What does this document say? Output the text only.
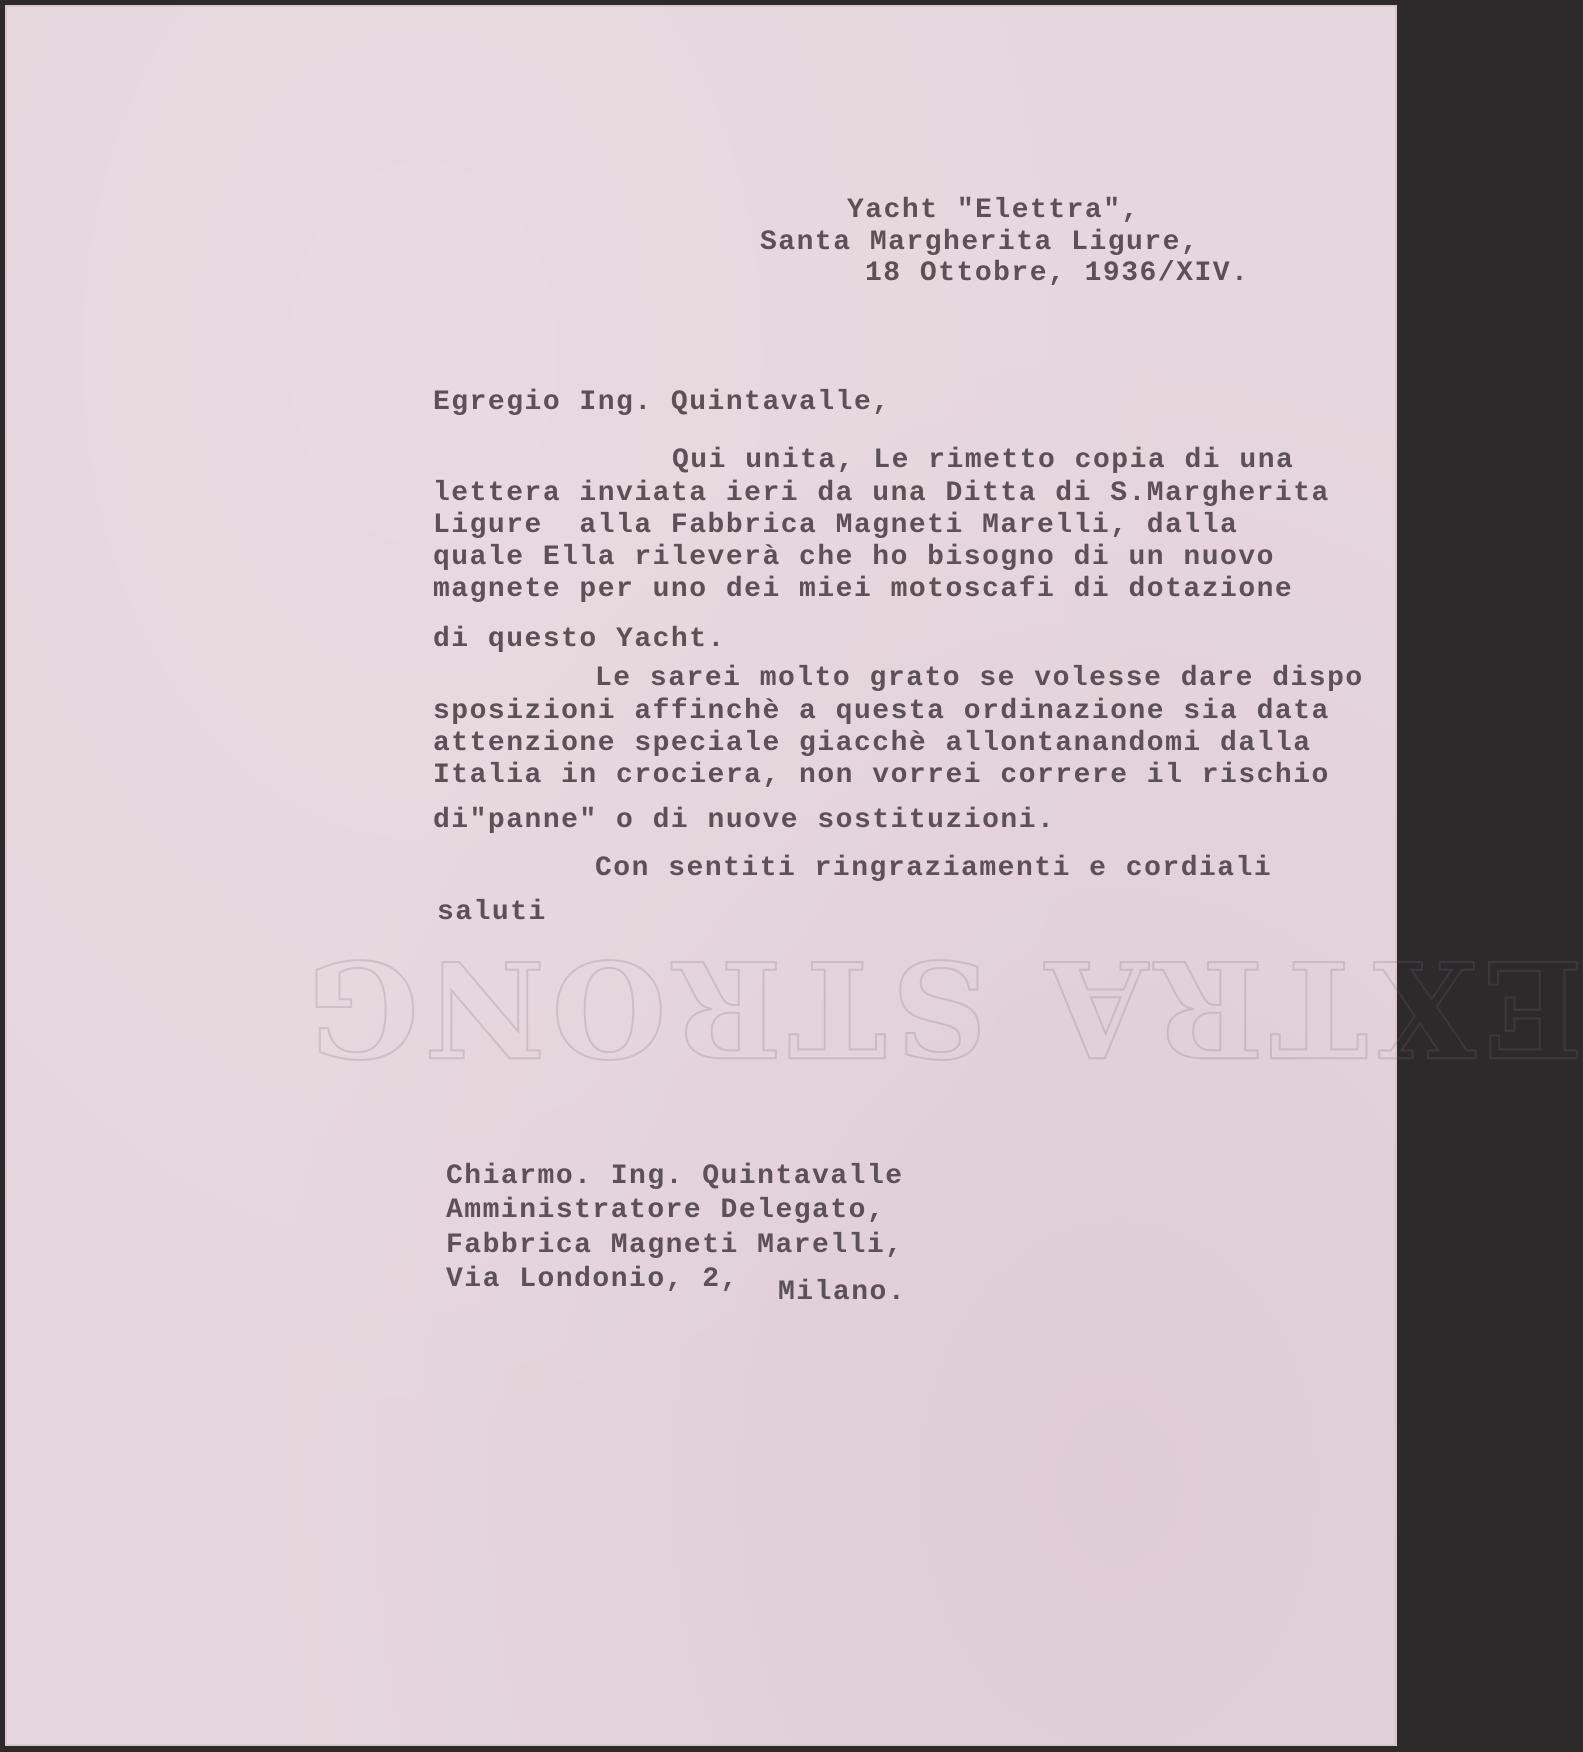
Yacht "Elettra",
Santa Margherita Ligure,
18 Ottobre, 1936/XIV.
Egregio Ing. Quintavalle,
Qui unita, Le rimetto copia di una
lettera inviata ieri da una Ditta di S.Margherita
Ligure  alla Fabbrica Magneti Marelli, dalla
quale Ella rileverà che ho bisogno di un nuovo
magnete per uno dei miei motoscafi di dotazione
di questo Yacht.
Le sarei molto grato se volesse dare dispo
sposizioni affinchè a questa ordinazione sia data
attenzione speciale giacchè allontanandomi dalla
Italia in crociera, non vorrei correre il rischio
di"panne" o di nuove sostituzioni.
Con sentiti ringraziamenti e cordiali
saluti
EXTRA STRONG
Chiarmo. Ing. Quintavalle
Amministratore Delegato,
Fabbrica Magneti Marelli,
Via Londonio, 2, Milano.
